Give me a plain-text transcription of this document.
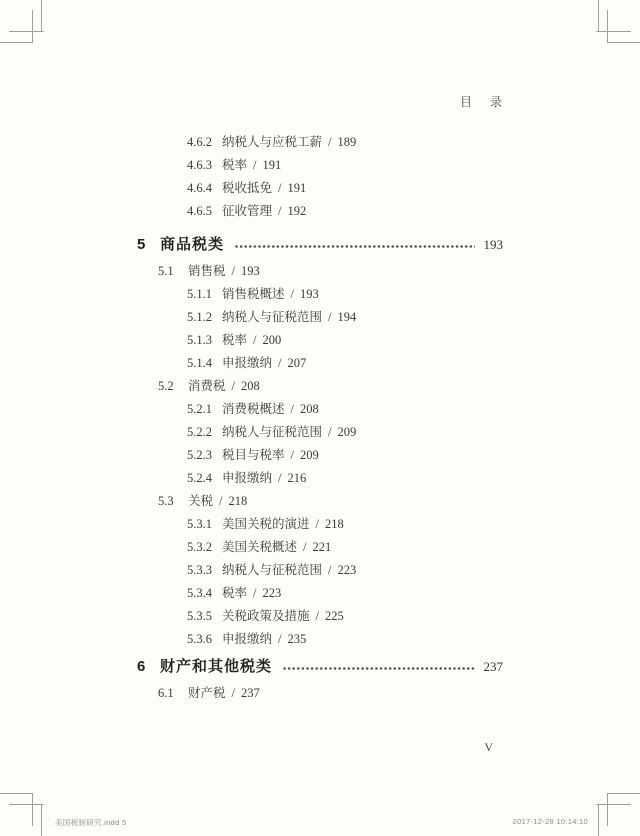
目　录
4.6.2 纳税人与应税工薪 / 189
4.6.3 税率 / 191
4.6.4 税收抵免 / 191
4.6.5 征收管理 / 192
5 商品税类	193
5.1	销售税 / 193
5.1.1 销售税概述 / 193
5.1.2 纳税人与征税范围 / 194
5.1.3 税率 / 200
5.1.4 申报缴纳 / 207
5.2	消费税 / 208
5.2.1 消费税概述 / 208
5.2.2 纳税人与征税范围 / 209
5.2.3 税目与税率 / 209
5.2.4 申报缴纳 / 216
5.3	关税 / 218
5.3.1 美国关税的演进 / 218
5.3.2 美国关税概述 / 221
5.3.3 纳税人与征税范围 / 223
5.3.4 税率 / 223
5.3.5 关税政策及措施 / 225
5.3.6 申报缴纳 / 235
6 财产和其他税类	237
6.1	财产税 / 237
V
美国税制研究.indd 5	2017-12-28 10:14:10
